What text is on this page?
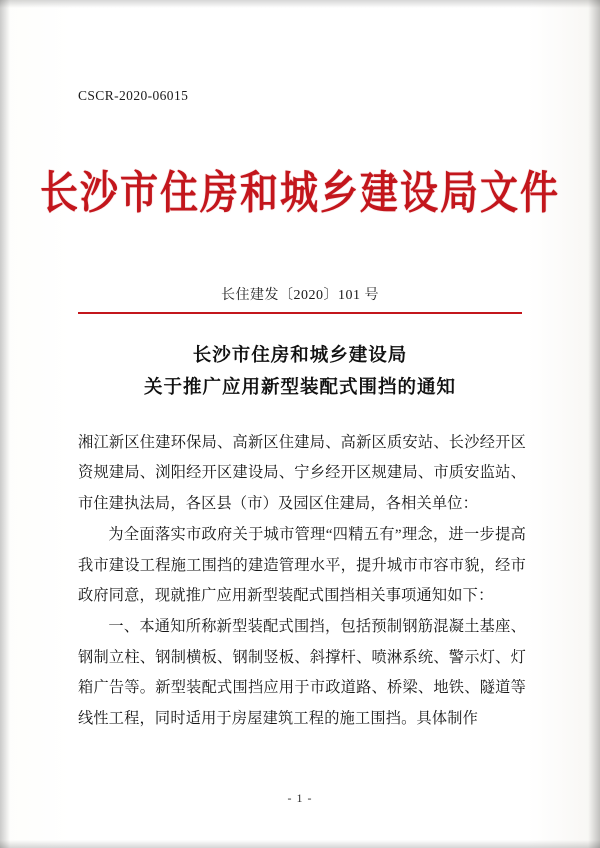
CSCR-2020-06015
长沙市住房和城乡建设局文件
长住建发〔2020〕101 号
长沙市住房和城乡建设局
关于推广应用新型装配式围挡的通知

湘江新区住建环保局、高新区住建局、高新区质安站、长沙经开区资规建局、浏阳经开区建设局、宁乡经开区规建局、市质安监站、市住建执法局，各区县（市）及园区住建局，各相关单位：

为全面落实市政府关于城市管理“四精五有”理念，进一步提高我市建设工程施工围挡的建造管理水平，提升城市市容市貌，经市政府同意，现就推广应用新型装配式围挡相关事项通知如下：

一、本通知所称新型装配式围挡，包括预制钢筋混凝土基座、钢制立柱、钢制横板、钢制竖板、斜撑杆、喷淋系统、警示灯、灯箱广告等。新型装配式围挡应用于市政道路、桥梁、地铁、隧道等线性工程，同时适用于房屋建筑工程的施工围挡。具体制作

- 1 -
